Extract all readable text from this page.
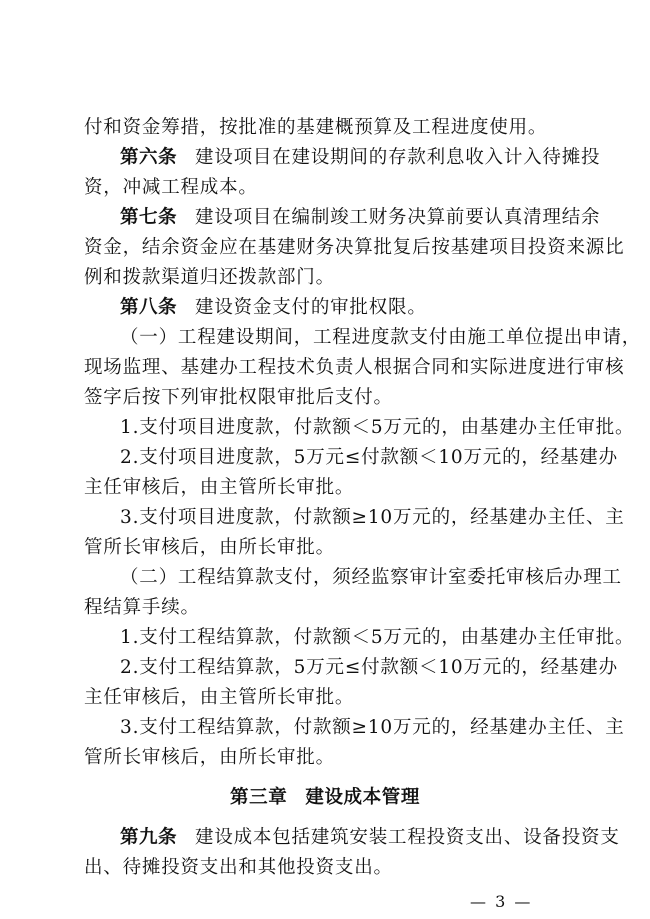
付和资金筹措，按批准的基建概预算及工程进度使用。
第六条 建设项目在建设期间的存款利息收入计入待摊投
资，冲减工程成本。
第七条 建设项目在编制竣工财务决算前要认真清理结余
资金，结余资金应在基建财务决算批复后按基建项目投资来源比
例和拨款渠道归还拨款部门。
第八条 建设资金支付的审批权限。
（一）工程建设期间，工程进度款支付由施工单位提出申请，
现场监理、基建办工程技术负责人根据合同和实际进度进行审核
签字后按下列审批权限审批后支付。
1.支付项目进度款，付款额＜5万元的，由基建办主任审批。
2.支付项目进度款，5万元≤付款额＜10万元的，经基建办
主任审核后，由主管所长审批。
3.支付项目进度款，付款额≥10万元的，经基建办主任、主
管所长审核后，由所长审批。
（二）工程结算款支付，须经监察审计室委托审核后办理工
程结算手续。
1.支付工程结算款，付款额＜5万元的，由基建办主任审批。
2.支付工程结算款，5万元≤付款额＜10万元的，经基建办
主任审核后，由主管所长审批。
3.支付工程结算款，付款额≥10万元的，经基建办主任、主
管所长审核后，由所长审批。
第三章 建设成本管理
第九条 建设成本包括建筑安装工程投资支出、设备投资支
出、待摊投资支出和其他投资支出。
— 3 —
